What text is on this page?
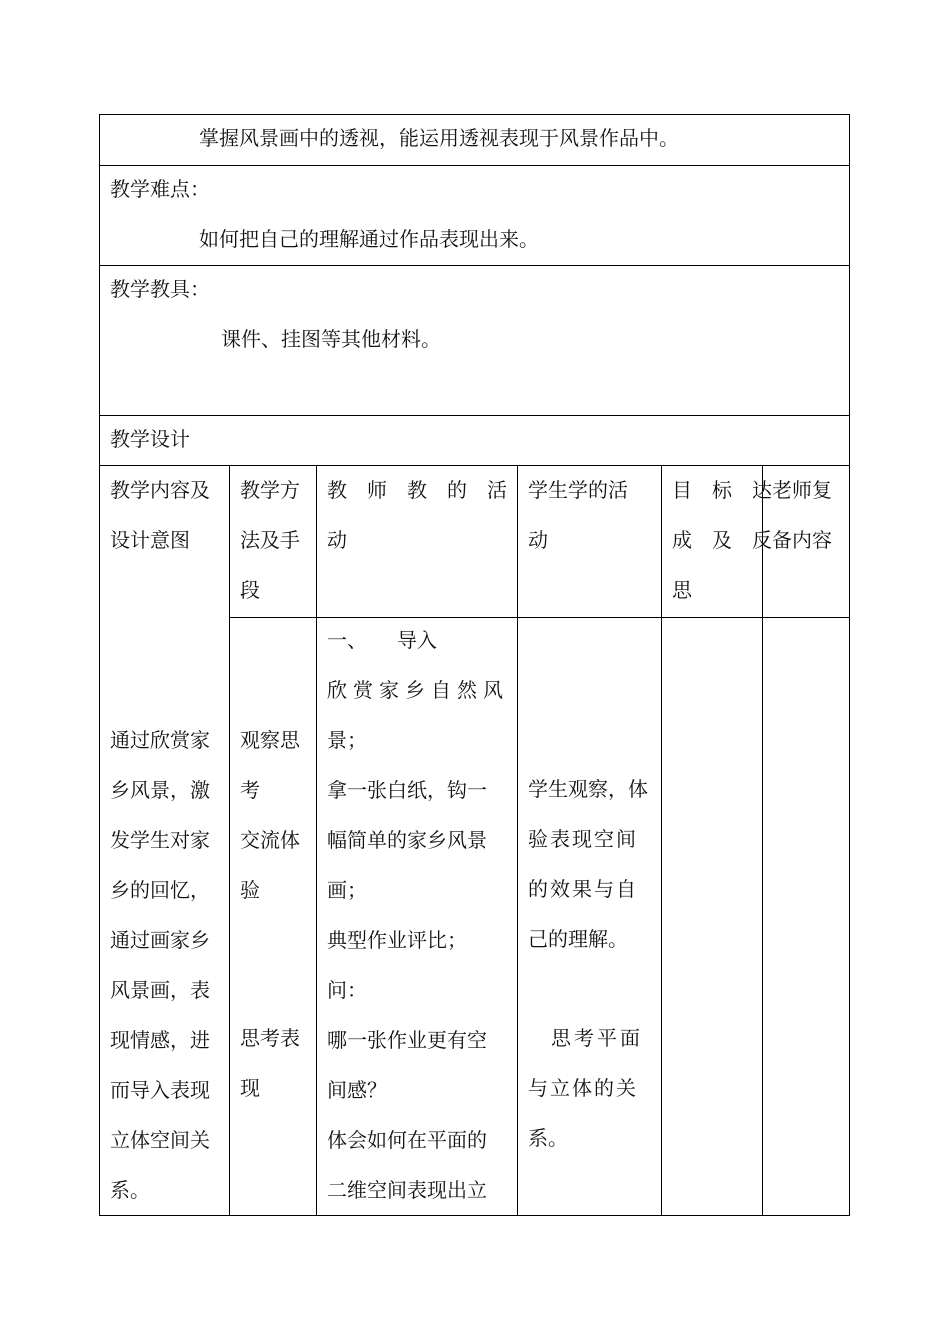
掌握风景画中的透视，能运用透视表现于风景作品中。
教学难点：
如何把自己的理解通过作品表现出来。
教学教具：
课件、挂图等其他材料。
教学设计
教学内容及
设计意图
教学方
法及手
段
教　师　教　的　活
动
学生学的活
动
目　标　达
成　及　反
思
老师复
备内容
通过欣赏家
乡风景，激
发学生对家
乡的回忆，
通过画家乡
风景画，表
现情感，进
而导入表现
立体空间关
系。
观察思
考
交流体
验
思考表
现
一、　　导入
欣赏家乡自然风
景；
拿一张白纸，钩一
幅简单的家乡风景
画；
典型作业评比；
问：
哪一张作业更有空
间感？
体会如何在平面的
二维空间表现出立
学生观察，体
验表现空间
的效果与自
己的理解。
　思考平面
与立体的关
系。
